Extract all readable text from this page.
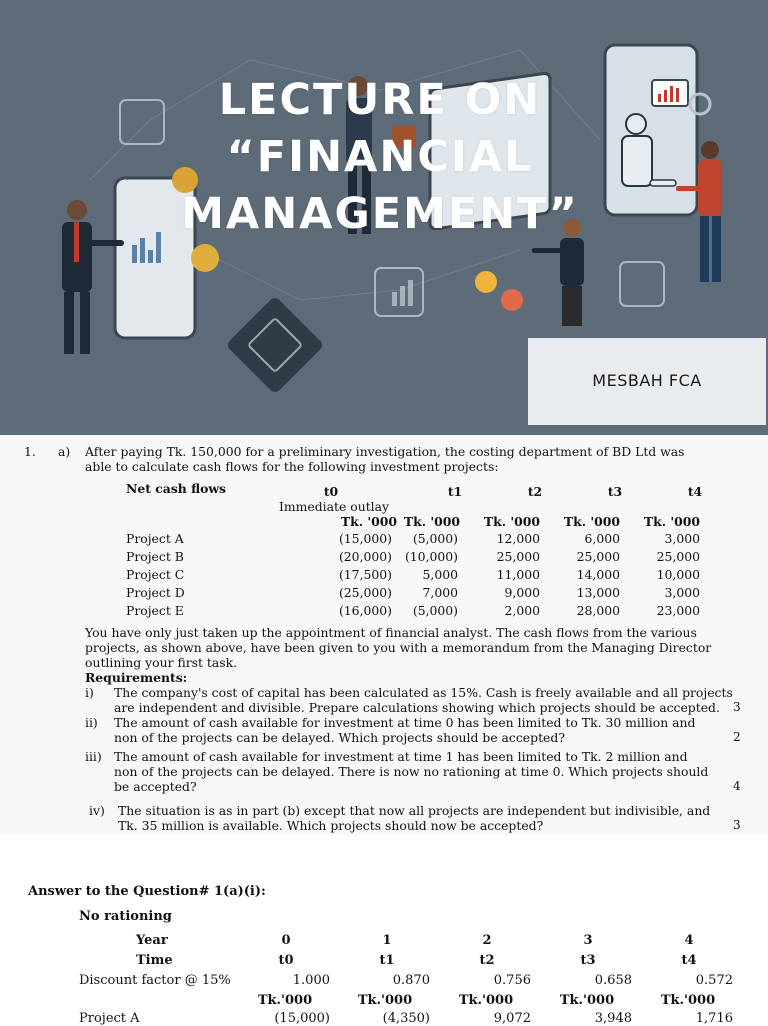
LECTURE ON
“FINANCIAL
MANAGEMENT”
MESBAH FCA
1. a) After paying Tk. 150,000 for a preliminary investigation, the costing department of BD Ltd was
able to calculate cash flows for the following investment projects:
Net cash flows	t0	t1	t2	t3	t4
Immediate outlay
Tk. '000 Tk. '000	Tk. '000	Tk. '000	Tk. '000
Project A	(15,000)	(5,000)	12,000	6,000	3,000
Project B	(20,000)	(10,000)	25,000	25,000	25,000
Project C	(17,500)	5,000	11,000	14,000	10,000
Project D	(25,000)	7,000	9,000	13,000	3,000
Project E	(16,000)	(5,000)	2,000	28,000	23,000
You have only just taken up the appointment of financial analyst. The cash flows from the various
projects, as shown above, have been given to you with a memorandum from the Managing Director
outlining your first task.
Requirements:
i) The company's cost of capital has been calculated as 15%. Cash is freely available and all projects
are independent and divisible. Prepare calculations showing which projects should be accepted. 3
ii) The amount of cash available for investment at time 0 has been limited to Tk. 30 million and
non of the projects can be delayed. Which projects should be accepted?	2
iii) The amount of cash available for investment at time 1 has been limited to Tk. 2 million and
non of the projects can be delayed. There is now no rationing at time 0. Which projects should
be accepted?	4
iv) The situation is as in part (b) except that now all projects are independent but indivisible, and
Tk. 35 million is available. Which projects should now be accepted?	3
Answer to the Question# 1(a)(i):
No rationing
Year	0	1	2	3	4
Time	t0	t1	t2	t3	t4
Discount factor @ 15%	1.000	0.870	0.756	0.658	0.572
Tk.'000	Tk.'000	Tk.'000	Tk.'000	Tk.'000
Project A	(15,000)	(4,350)	9,072	3,948	1,716
